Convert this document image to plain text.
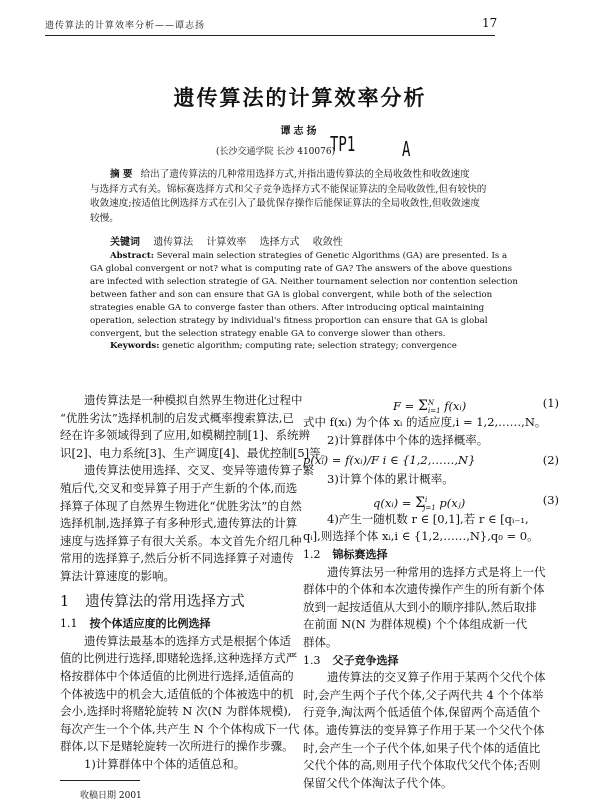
遗传算法的计算效率分析——谭志扬	17
遗传算法的计算效率分析
谭志扬
(长沙交通学院 长沙 410076)
TP1 A
摘 要 给出了遗传算法的几种常用选择方式,并指出遗传算法的全局收敛性和收敛速度
与选择方式有关。锦标赛选择方式和父子竞争选择方式不能保证算法的全局收敛性,但有较快的
收敛速度;按适值比例选择方式在引入了最优保存操作后能保证算法的全局收敛性,但收敛速度
较慢。
关键词 遗传算法 计算效率 选择方式 收敛性
Abstract: Several main selection strategies of Genetic Algorithms (GA) are presented. Is a
GA global convergent or not? what is computing rate of GA? The answers of the above questions
are infected with selection strategie of GA. Neither tournament selection nor contention selection
between father and son can ensure that GA is global convergent, while both of the selection
strategies enable GA to converge faster than others. After introducing optical maintaining
operation, selection strategy by individual's fitness proportion can ensure that GA is global
convergent, but the selection strategy enable GA to converge slower than others.
Keywords: genetic algorithm; computing rate; selection strategy; convergence
遗传算法是一种模拟自然界生物进化过程中
“优胜劣汰”选择机制的启发式概率搜索算法,已
经在许多领域得到了应用,如模糊控制[1]、系统辨
识[2]、电力系统[3]、生产调度[4]、最优控制[5]等。
遗传算法使用选择、交叉、变异等遗传算子繁
殖后代,交叉和变异算子用于产生新的个体,而选
择算子体现了自然界生物进化“优胜劣汰”的自然
选择机制,选择算子有多种形式,遗传算法的计算
速度与选择算子有很大关系。本文首先介绍几种
常用的选择算子,然后分析不同选择算子对遗传
算法计算速度的影响。
1 遗传算法的常用选择方式
1.1 按个体适应度的比例选择
遗传算法最基本的选择方式是根据个体适
值的比例进行选择,即赌轮选择,这种选择方式严
格按群体中个体适值的比例进行选择,适值高的
个体被选中的机会大,适值低的个体被选中的机
会小,选择时将赌轮旋转 N 次(N 为群体规模),
每次产生一个个体,共产生 N 个个体构成下一代
群体,以下是赌轮旋转一次所进行的操作步骤。
1)计算群体中个体的适值总和。
收稿日期 2001
$F = \Sigma^N_{i=1}$ f(xᵢ)	(1)
式中 f(xᵢ) 为个体 xᵢ 的适应度,i = 1,2,……,N。
2)计算群体中个体的选择概率。
p(xᵢ) = f(xᵢ)/F i ∈ {1,2,……,N}	(2)
3)计算个体的累计概率。
q(xᵢ) = $\Sigma^i_{j=1}$ p(xⱼ)	(3)
4)产生一随机数 r ∈ [0,1],若 r ∈ [qᵢ₋₁,
qᵢ],则选择个体 xᵢ,i ∈ {1,2,……,N},q₀ = 0。
1.2 锦标赛选择
遗传算法另一种常用的选择方式是将上一代
群体中的个体和本次遗传操作产生的所有新个体
放到一起按适值从大到小的顺序排队,然后取排
在前面 N(N 为群体规模) 个个体组成新一代
群体。
1.3 父子竞争选择
遗传算法的交叉算子作用于某两个父代个体
时,会产生两个子代个体,父子两代共 4 个个体举
行竞争,淘汰两个低适值个体,保留两个高适值个
体。遗传算法的变异算子作用于某一个父代个体
时,会产生一个子代个体,如果子代个体的适值比
父代个体的高,则用子代个体取代父代个体;否则
保留父代个体淘汰子代个体。
